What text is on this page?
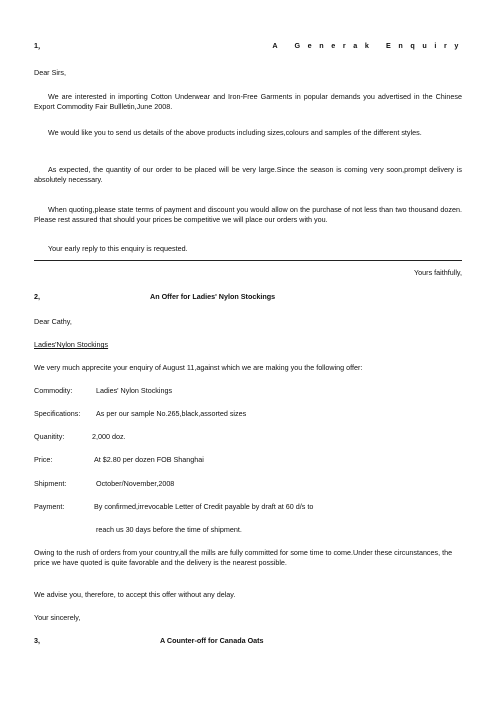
1，	A Generak Enquiry
Dear Sirs,

We are interested in importing Cotton Underwear and Iron-Free Garments in popular demands you advertised in the Chinese Export Commodity Fair Bullletin,June 2008.

We would like you to send us details of the above products including sizes,colours and samples of the different styles.

As expected, the quantity of our order to be placed will be very large.Since the season is coming very soon,prompt delivery is absolutely necessary.

When quoting,please state terms of payment and discount you would allow on the purchase of not less than two thousand dozen. Please rest assured that should your prices be competitive we will place our orders with you.

Your early reply to this enquiry is requested.

Yours faithfully,
2,	An Offer for Ladies' Nylon Stockings
Dear Cathy,
Ladies'Nylon Stockings
We very much apprecite your enquiry of August 11,against which we are making you the following offer:
Commodity:	Ladies' Nylon Stockings
Specifications: As per our sample No.265,black,assorted sizes
Quanitity:	2,000 doz.
Price:	At $2.80 per dozen FOB Shanghai
Shipment:	October/November,2008
Payment:	By confirmed,irrevocable Letter of Credit payable by draft at 60 d/s to
reach us 30 days before the time of shipment.

Owing to the rush of orders from your country,all the mills are fully committed for some time to come.Under these circunstances, the price we have quoted is quite favorable and the delivery is the nearest possible.

We advise you, therefore, to accept this offer without any delay.
Your sincerely,
3,	A Counter-off for Canada Oats
